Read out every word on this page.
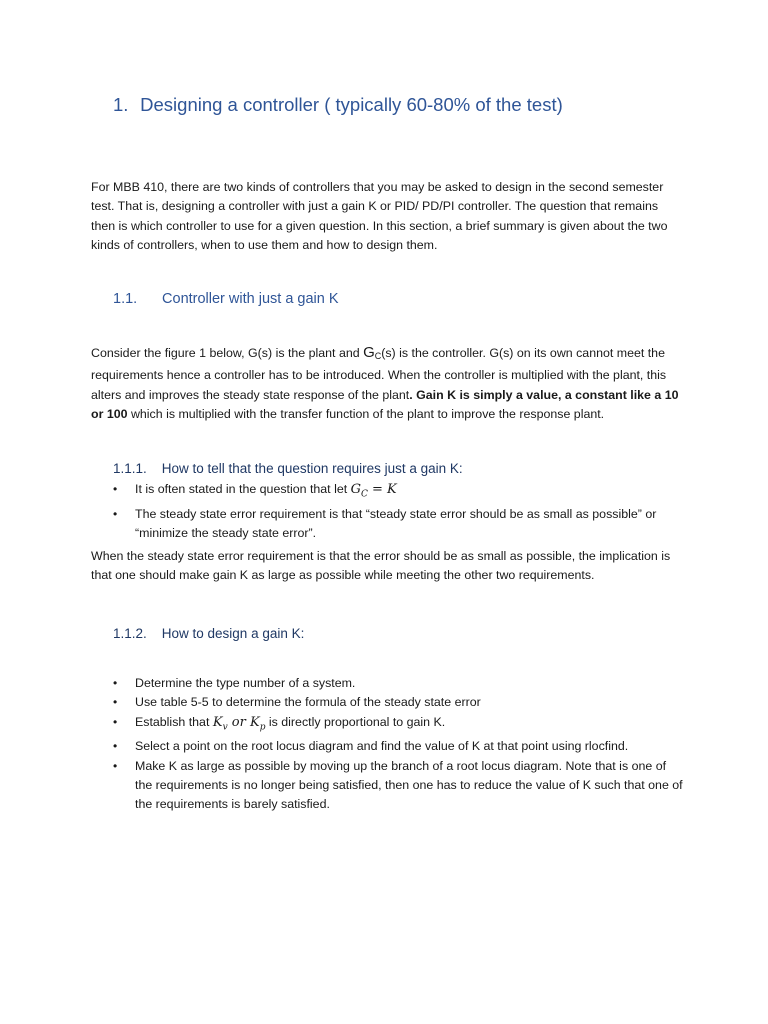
1. Designing a controller ( typically 60-80% of the test)

For MBB 410, there are two kinds of controllers that you may be asked to design in the second semester test. That is, designing a controller with just a gain K or PID/ PD/PI controller. The question that remains then is which controller to use for a given question. In this section, a brief summary is given about the two kinds of controllers, when to use them and how to design them.

1.1. Controller with just a gain K

Consider the figure 1 below, G(s) is the plant and GC(s) is the controller. G(s) on its own cannot meet the requirements hence a controller has to be introduced. When the controller is multiplied with the plant, this alters and improves the steady state response of the plant. Gain K is simply a value, a constant like a 10 or 100 which is multiplied with the transfer function of the plant to improve the response plant.

1.1.1. How to tell that the question requires just a gain K:
• It is often stated in the question that let $G_C = K$
• The steady state error requirement is that “steady state error should be as small as possible” or “minimize the steady state error”.

When the steady state error requirement is that the error should be as small as possible, the implication is that one should make gain K as large as possible while meeting the other two requirements.

1.1.2. How to design a gain K:
• Determine the type number of a system.
• Use table 5-5 to determine the formula of the steady state error
• Establish that $K_v$ or $K_p$ is directly proportional to gain K.
• Select a point on the root locus diagram and find the value of K at that point using rlocfind.
• Make K as large as possible by moving up the branch of a root locus diagram. Note that is one of the requirements is no longer being satisfied, then one has to reduce the value of K such that one of the requirements is barely satisfied.
